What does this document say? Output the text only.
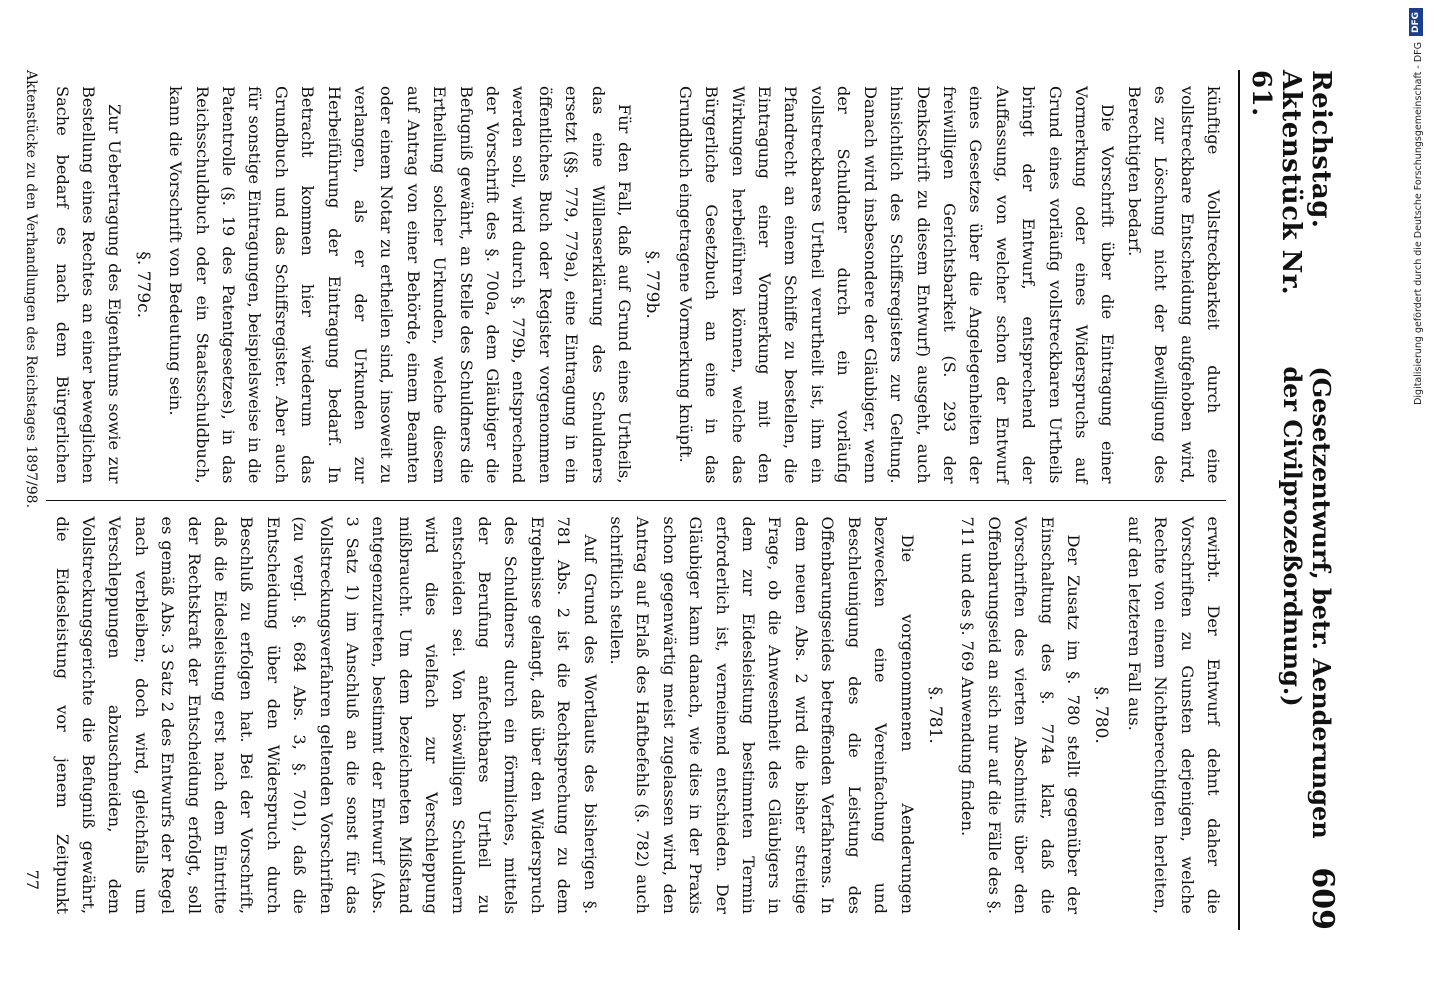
Reichstag. Aktenstück Nr. 61.
(Gesetzentwurf, betr. Aenderungen der Civilprozeßordnung.)
609

künftige Vollstreckbarkeit durch eine vollstreckbare Entscheidung aufgehoben wird, es zur Löschung nicht der Bewilligung des Berechtigten bedarf.

Die Vorschrift über die Eintragung einer Vormerkung oder eines Widerspruchs auf Grund eines vorläufig vollstreckbaren Urtheils bringt der Entwurf, entsprechend der Auffassung, von welcher schon der Entwurf eines Gesetzes über die Angelegenheiten der freiwilligen Gerichtsbarkeit (S. 293 der Denkschrift zu diesem Entwurf) ausgeht, auch hinsichtlich des Schiffsregisters zur Geltung. Danach wird insbesondere der Gläubiger, wenn der Schuldner durch ein vorläufig vollstreckbares Urtheil verurtheilt ist, ihm ein Pfandrecht an einem Schiffe zu bestellen, die Eintragung einer Vormerkung mit den Wirkungen herbeiführen können, welche das Bürgerliche Gesetzbuch an eine in das Grundbuch eingetragene Vormerkung knüpft.

§. 779b.

Für den Fall, daß auf Grund eines Urtheils, das eine Willenserklärung des Schuldners ersetzt (§§. 779, 779a), eine Eintragung in ein öffentliches Buch oder Register vorgenommen werden soll, wird durch §. 779b, entsprechend der Vorschrift des §. 700a, dem Gläubiger die Befugniß gewährt, an Stelle des Schuldners die Ertheilung solcher Urkunden, welche diesem auf Antrag von einer Behörde, einem Beamten oder einem Notar zu ertheilen sind, insoweit zu verlangen, als er der Urkunden zur Herbeiführung der Eintragung bedarf. In Betracht kommen hier wiederum das Grundbuch und das Schiffsregister. Aber auch für sonstige Eintragungen, beispielsweise in die Patentrolle (§. 19 des Patentgesetzes), in das Reichsschuldbuch oder ein Staatsschuldbuch, kann die Vorschrift von Bedeutung sein.

§. 779c.

Zur Uebertragung des Eigenthums sowie zur Bestellung eines Rechtes an einer beweglichen Sache bedarf es nach dem Bürgerlichen

erwirbt. Der Entwurf dehnt daher die Vorschriften zu Gunsten derjenigen, welche Rechte von einem Nichtberechtigten herleiten, auf den letzteren Fall aus.

§. 780.

Der Zusatz im §. 780 stellt gegenüber der Einschaltung des §. 774a klar, daß die Vorschriften des vierten Abschnitts über den Offenbarungseid an sich nur auf die Fälle des §. 711 und des §. 769 Anwendung finden.

§. 781.

Die vorgenommenen Aenderungen bezwecken eine Vereinfachung und Beschleunigung des die Leistung des Offenbarungseides betreffenden Verfahrens. In dem neuen Abs. 2 wird die bisher streitige Frage, ob die Anwesenheit des Gläubigers in dem zur Eidesleistung bestimmten Termin erforderlich ist, verneinend entschieden. Der Gläubiger kann danach, wie dies in der Praxis schon gegenwärtig meist zugelassen wird, den Antrag auf Erlaß des Haftbefehls (§. 782) auch schriftlich stellen.

Auf Grund des Wortlauts des bisherigen §. 781 Abs. 2 ist die Rechtsprechung zu dem Ergebnisse gelangt, daß über den Widerspruch des Schuldners durch ein förmliches, mittels der Berufung anfechtbares Urtheil zu entscheiden sei. Von böswilligen Schuldnern wird dies vielfach zur Verschleppung mißbraucht. Um dem bezeichneten Mißstand entgegenzutreten, bestimmt der Entwurf (Abs. 3 Satz 1) im Anschluß an die sonst für das Vollstreckungsverfahren geltenden Vorschriften (zu vergl. §. 684 Abs. 3, §. 701), daß die Entscheidung über den Widerspruch durch Beschluß zu erfolgen hat. Bei der Vorschrift, daß die Eidesleistung erst nach dem Eintritte der Rechtskraft der Entscheidung erfolgt, soll es gemäß Abs. 3 Satz 2 des Entwurfs der Regel nach verbleiben; doch wird, gleichfalls um Verschleppungen abzuschneiden, dem Vollstreckungsgerichte die Befugniß gewährt, die Eidesleistung vor jenem Zeitpunkt

Aktenstücke zu den Verhandlungen des Reichstages 1897/98.
77
DFG
Digitalisierung gefördert durch die Deutsche Forschungsgemeinschaft - DFG
